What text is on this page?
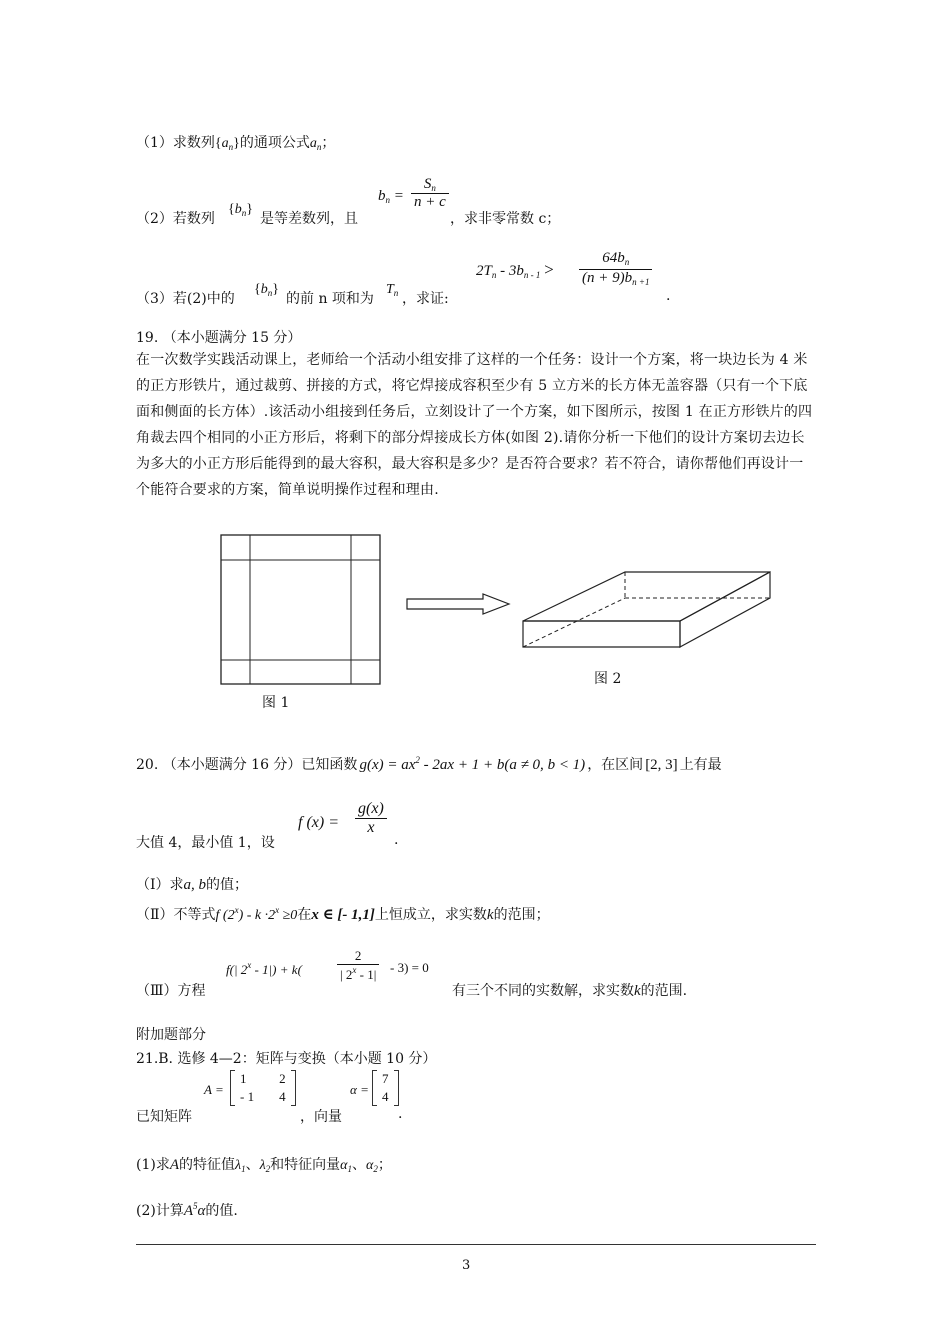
（1）求数列$\{a_n\}$的通项公式$a_n$；
（2）若数列
$\{b_n\}$
是等差数列，且
$b_n = \frac{S_n}{n + c}$
，求非零常数 c；
（3）若(2)中的
$\{b_n\}$
的前 n 项和为
$T_n$ ，求证:
$2T_n - 3b_{n - 1} > \frac{64b_n}{(n + 9)b_{n +1}}$
.
19. （本小题满分 15 分）
在一次数学实践活动课上，老师给一个活动小组安排了这样的一个任务：设计一个方案，将一块边长为 4 米的正方形铁片，通过裁剪、拼接的方式，将它焊接成容积至少有 5 立方米的长方体无盖容器（只有一个下底面和侧面的长方体）.该活动小组接到任务后，立刻设计了一个方案，如下图所示，按图 1 在正方形铁片的四角裁去四个相同的小正方形后，将剩下的部分焊接成长方体(如图 2).请你分析一下他们的设计方案切去边长为多大的小正方形后能得到的最大容积，最大容积是多少？是否符合要求？若不符合，请你帮他们再设计一个能符合要求的方案，简单说明操作过程和理由.
图 1
图 2
20. （本小题满分 16 分）已知函数 $g(x) = ax^2 - 2ax + 1 + b(a \ne 0$, b < 1) ，在区间 [2, 3] 上有最
大值 4，最小值 1，设
f $(x) = \frac{g(x)}{x}$
.
（Ⅰ）求a, b的值；
（Ⅱ）不等式f $(2^x) - k \cdot 2^x \ge 0$在x ∈ [- 1,1]上恒成立，求实数k的范围；
（Ⅲ）方程
f(| 2$^x$ - 1|) + k(	$\frac{2}{| 2^x - 1|} - 3) = 0$
有三个不同的实数解，求实数k的范围.
附加题部分
21.B. 选修 4—2：矩阵与变换（本小题 10 分）
已知矩阵
A =
1	2
- 1	4
，向量
α =
7
4
.
(1)求A的特征值$\lambda_1$、$\lambda_2$和特征向量$\alpha_1$、$\alpha_2$；
(2)计算$A^5\alpha$的值.
3
